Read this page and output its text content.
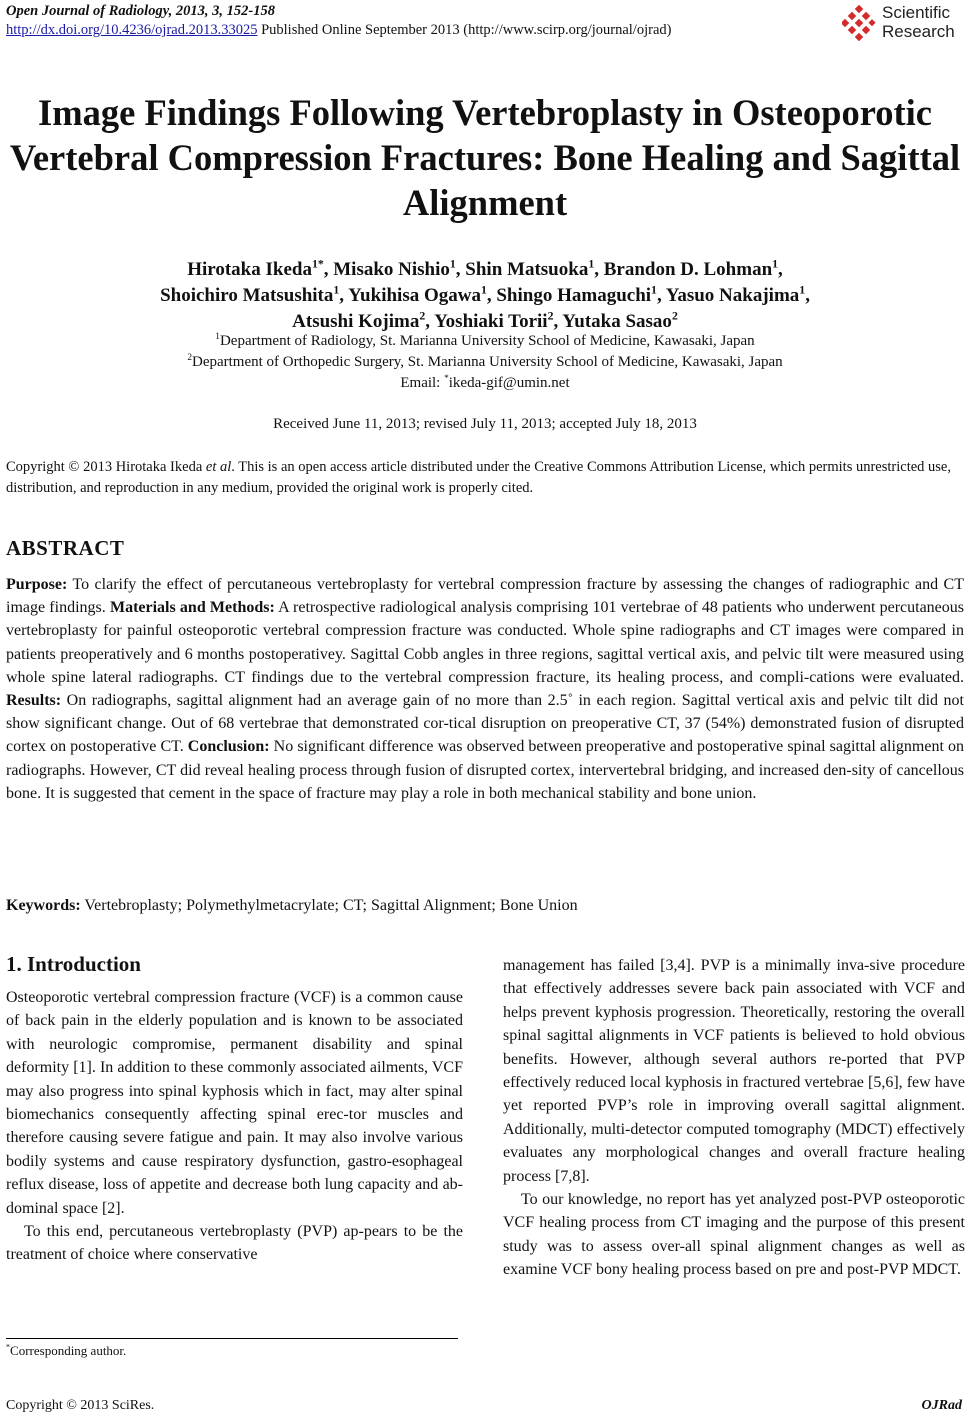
Open Journal of Radiology, 2013, 3, 152-158
http://dx.doi.org/10.4236/ojrad.2013.33025 Published Online September 2013 (http://www.scirp.org/journal/ojrad)
Scientific
Research
Image Findings Following Vertebroplasty in Osteoporotic Vertebral Compression Fractures: Bone Healing and Sagittal Alignment
Hirotaka Ikeda$^{1*}$, Misako Nishio$^1$, Shin Matsuoka$^1$, Brandon D. Lohman$^1$,
Shoichiro Matsushita$^1$, Yukihisa Ogawa$^1$, Shingo Hamaguchi$^1$, Yasuo Nakajima$^1$,
Atsushi Kojima$^2$, Yoshiaki Torii$^2$, Yutaka Sasao$^2$
$^1$Department of Radiology, St. Marianna University School of Medicine, Kawasaki, Japan
$^2$Department of Orthopedic Surgery, St. Marianna University School of Medicine, Kawasaki, Japan
Email: *ikeda-gif@umin.net
Received June 11, 2013; revised July 11, 2013; accepted July 18, 2013
Copyright © 2013 Hirotaka Ikeda et al. This is an open access article distributed under the Creative Commons Attribution License, which permits unrestricted use, distribution, and reproduction in any medium, provided the original work is properly cited.
ABSTRACT
Purpose: To clarify the effect of percutaneous vertebroplasty for vertebral compression fracture by assessing the changes of radiographic and CT image findings. Materials and Methods: A retrospective radiological analysis comprising 101 vertebrae of 48 patients who underwent percutaneous vertebroplasty for painful osteoporotic vertebral compression fracture was conducted. Whole spine radiographs and CT images were compared in patients preoperatively and 6 months postoperativey. Sagittal Cobb angles in three regions, sagittal vertical axis, and pelvic tilt were measured using whole spine lateral radiographs. CT findings due to the vertebral compression fracture, its healing process, and compli-cations were evaluated. Results: On radiographs, sagittal alignment had an average gain of no more than 2.5˚ in each region. Sagittal vertical axis and pelvic tilt did not show significant change. Out of 68 vertebrae that demonstrated cor-tical disruption on preoperative CT, 37 (54%) demonstrated fusion of disrupted cortex on postoperative CT. Conclusion: No significant difference was observed between preoperative and postoperative spinal sagittal alignment on radiographs. However, CT did reveal healing process through fusion of disrupted cortex, intervertebral bridging, and increased den-sity of cancellous bone. It is suggested that cement in the space of fracture may play a role in both mechanical stability and bone union.
Keywords: Vertebroplasty; Polymethylmetacrylate; CT; Sagittal Alignment; Bone Union
1. Introduction

Osteoporotic vertebral compression fracture (VCF) is a common cause of back pain in the elderly population and is known to be associated with neurologic compromise, permanent disability and spinal deformity [1]. In addition to these commonly associated ailments, VCF may also progress into spinal kyphosis which in fact, may alter spinal biomechanics consequently affecting spinal erec-tor muscles and therefore causing severe fatigue and pain. It may also involve various bodily systems and cause respiratory dysfunction, gastro-esophageal reflux disease, loss of appetite and decrease both lung capacity and ab-dominal space [2].

To this end, percutaneous vertebroplasty (PVP) ap-pears to be the treatment of choice where conservative

management has failed [3,4]. PVP is a minimally inva-sive procedure that effectively addresses severe back pain associated with VCF and helps prevent kyphosis progression. Theoretically, restoring the overall spinal sagittal alignments in VCF patients is believed to hold obvious benefits. However, although several authors re-ported that PVP effectively reduced local kyphosis in fractured vertebrae [5,6], few have yet reported PVP’s role in improving overall sagittal alignment. Additionally, multi-detector computed tomography (MDCT) effectively evaluates any morphological changes and overall fracture healing process [7,8].

To our knowledge, no report has yet analyzed post-PVP osteoporotic VCF healing process from CT imaging and the purpose of this present study was to assess over-all spinal alignment changes as well as examine VCF bony healing process based on pre and post-PVP MDCT.

*Corresponding author.
Copyright © 2013 SciRes.	OJRad
